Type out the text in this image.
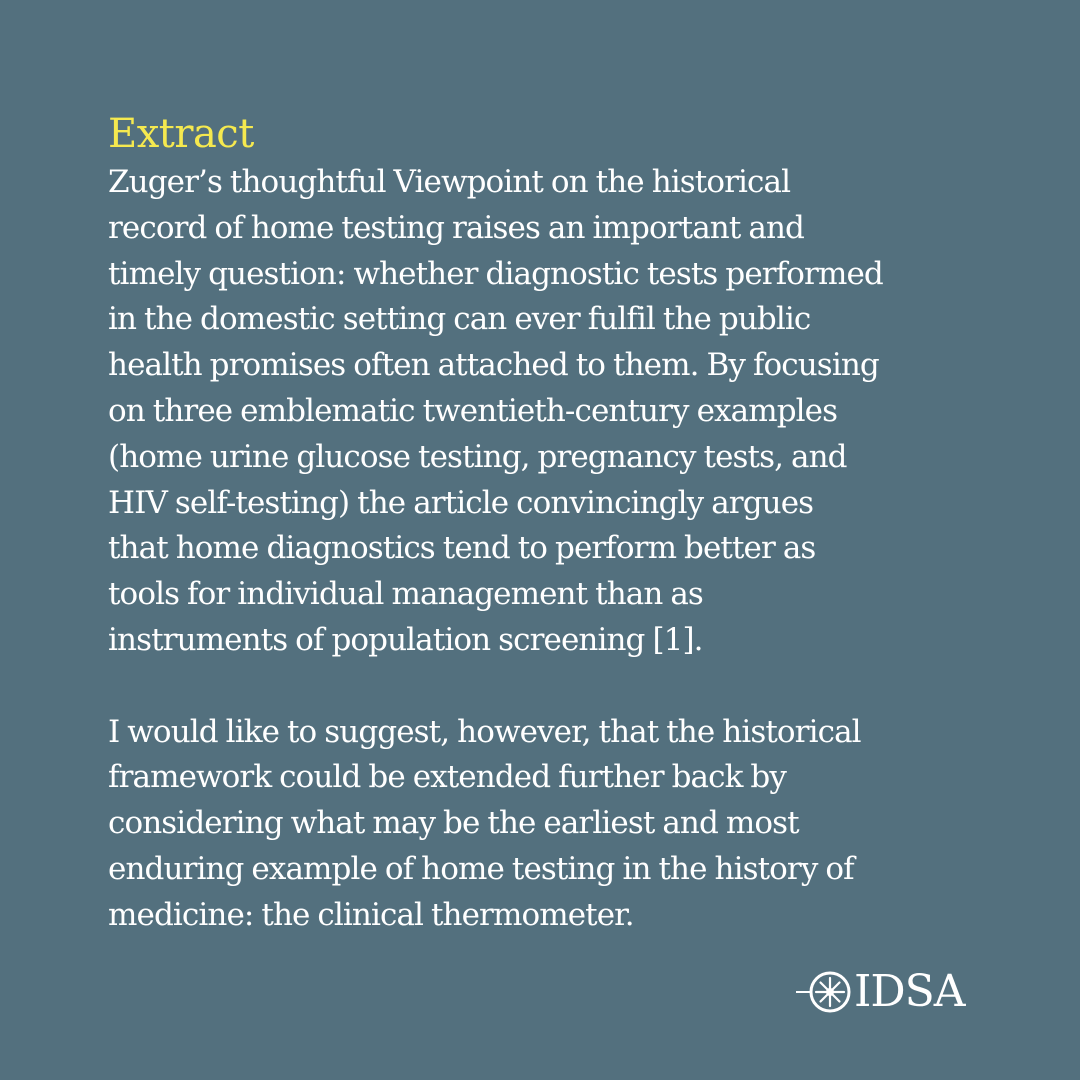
Extract

Zuger’s thoughtful Viewpoint on the historical
record of home testing raises an important and
timely question: whether diagnostic tests performed
in the domestic setting can ever fulfil the public
health promises often attached to them. By focusing
on three emblematic twentieth-century examples
(home urine glucose testing, pregnancy tests, and
HIV self-testing) the article convincingly argues
that home diagnostics tend to perform better as
tools for individual management than as
instruments of population screening [1].

I would like to suggest, however, that the historical
framework could be extended further back by
considering what may be the earliest and most
enduring example of home testing in the history of
medicine: the clinical thermometer.

IDSA
